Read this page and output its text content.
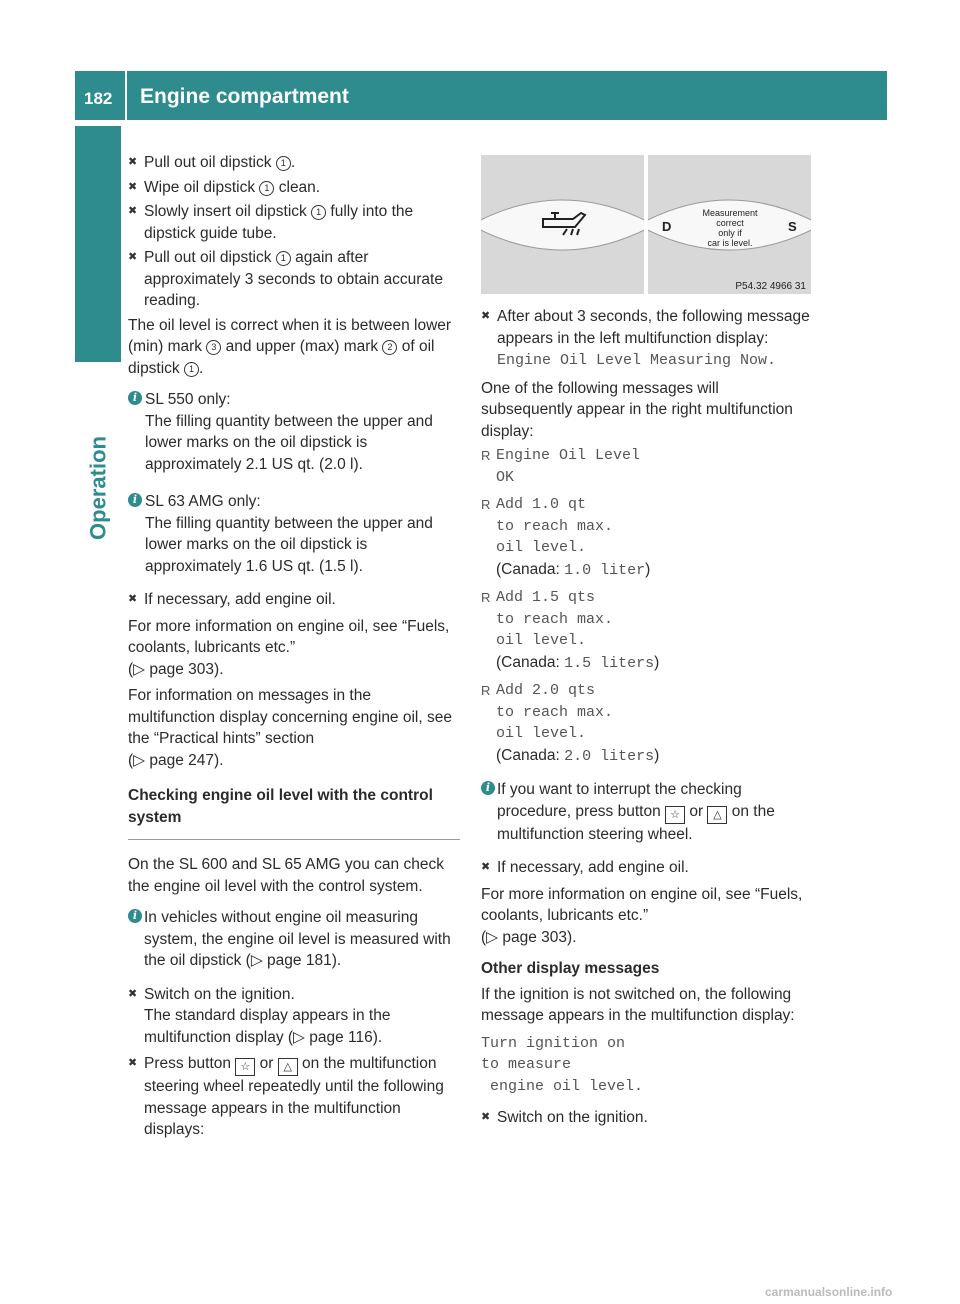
182 Engine compartment
Operation
✖ Pull out oil dipstick 1 .
✖ Wipe oil dipstick 1 clean.
✖ Slowly insert oil dipstick 1 fully into the dipstick guide tube.
✖ Pull out oil dipstick 1 again after approximately 3 seconds to obtain accurate reading.

The oil level is correct when it is between lower (min) mark 3 and upper (max) mark 2 of oil dipstick 1 .

i SL 550 only:
The filling quantity between the upper and lower marks on the oil dipstick is approximately 2.1 US qt. (2.0 l).
i SL 63 AMG only:
The filling quantity between the upper and lower marks on the oil dipstick is approximately 1.6 US qt. (1.5 l).
✖ If necessary, add engine oil.

For more information on engine oil, see “Fuels, coolants, lubricants etc.”
(▷ page 303).

For information on messages in the multifunction display concerning engine oil, see the “Practical hints” section
(▷ page 247).

Checking engine oil level with the control system

On the SL 600 and SL 65 AMG you can check the engine oil level with the control system.

i In vehicles without engine oil measuring system, the engine oil level is measured with the oil dipstick (▷ page 181).
✖ Switch on the ignition.
The standard display appears in the multifunction display (▷ page 116).
✖ Press button ☆ or △ on the multifunction steering wheel repeatedly until the following message appears in the multifunction displays:
D	S
Measurement
correct
only if
car is level.
P54.32 4966 31
✖ After about 3 seconds, the following message appears in the left multifunction display: Engine Oil Level Measuring Now.

One of the following messages will subsequently appear in the right multifunction display:

R Engine Oil Level
OK
R Add 1.0 qt
to reach max.
oil level.
(Canada: 1.0 liter)
R Add 1.5 qts
to reach max.
oil level.
(Canada: 1.5 liters)
R Add 2.0 qts
to reach max.
oil level.
(Canada: 2.0 liters)
i If you want to interrupt the checking procedure, press button ☆ or △ on the multifunction steering wheel.
✖ If necessary, add engine oil.

For more information on engine oil, see “Fuels, coolants, lubricants etc.”
(▷ page 303).

Other display messages

If the ignition is not switched on, the following message appears in the multifunction display:

Turn ignition on
to measure
engine oil level.
✖ Switch on the ignition.
carmanualsonline.info
